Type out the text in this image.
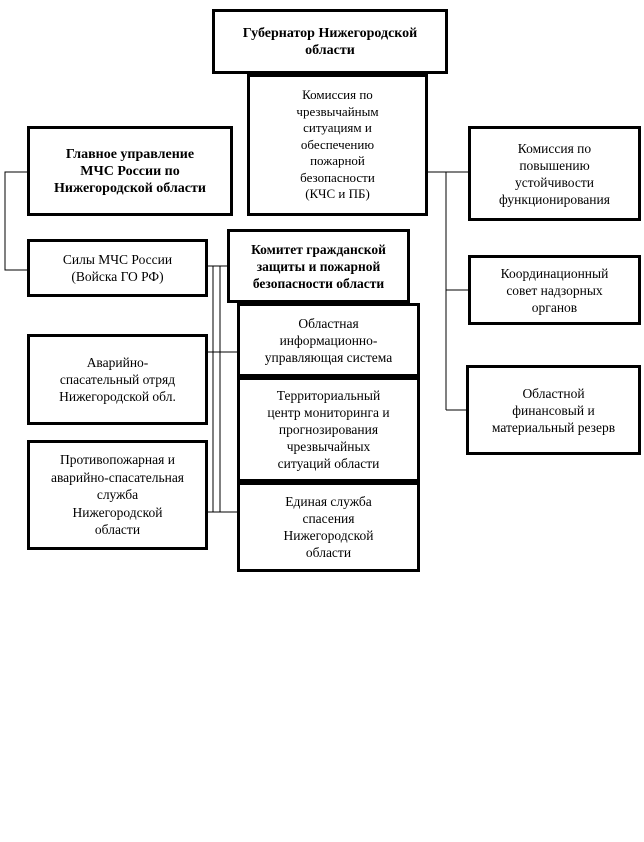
Губернатор Нижегородской
области
Комиссия по
чрезвычайным
ситуациям и
обеспечению
пожарной
безопасности
(КЧС и ПБ)
Главное управление
МЧС России по
Нижегородской области
Силы МЧС России
(Войска ГО РФ)
Аварийно-
спасательный отряд
Нижегородской обл.
Противопожарная и
аварийно-спасательная
служба
Нижегородской
области
Комитет гражданской
защиты и пожарной
безопасности области
Областная
информационно-
управляющая система
Территориальный
центр мониторинга и
прогнозирования
чрезвычайных
ситуаций области
Единая служба
спасения
Нижегородской
области
Комиссия по
повышению
устойчивости
функционирования
Координационный
совет надзорных
органов
Областной
финансовый и
материальный резерв
